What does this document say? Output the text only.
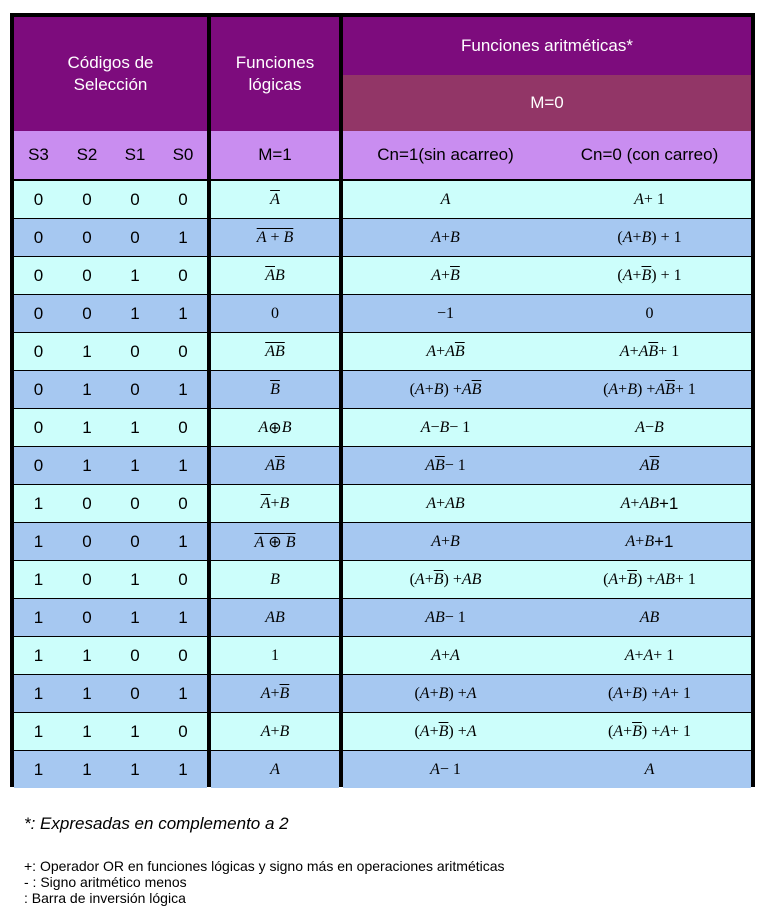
Códigos de Selección
Funciones lógicas
Funciones aritméticas*
M=0
S3	S2	S1	S0	M=1	Cn=1(sin acarreo)	Cn=0 (con carreo)
0	0	0	0	$\overline{A}$	A	A + 1
0	0	0	1	A + B	A + B	( A + B ) + 1
0	0	1	0	$\overline{A}$ B	$A + \overline{B}$	( $A + \overline{B}$ ) + 1
0	0	1	1	0	−1	0
0	1	0	0	$\overline{AB}$	A + A $\overline{B}$	A + A $\overline{B} + 1$
0	1	0	1	$\overline{B}$	( A + B ) + A $\overline{B}$	( A + B ) + A $\overline{B} + 1$
0	1	1	0	A ⊕ B	A − B − 1	A − B
0	1	1	1	A $\overline{B}$	A $\overline{B} - 1$	A $\overline{B}$
1	0	0	0	$\overline{A} + B$	A + AB	A + AB +1
1	0	0	1	A ⊕ B	A + B	A + B +1
1	0	1	0	B	( $A + \overline{B}$ ) + AB	( $A + \overline{B}$ ) + AB + 1
1	0	1	1	AB	AB − 1	AB
1	1	0	0	1	A + A	A + A + 1
1	1	0	1	$A + \overline{B}$	( A + B ) + A	( A + B ) + A + 1
1	1	1	0	A + B	( $A + \overline{B}$ ) + A	( $A + \overline{B}$ ) + A + 1
1	1	1	1	A	A − 1	A

*: Expresadas en complemento a 2

+: Operador OR en funciones lógicas y signo más en operaciones aritméticas

- : Signo aritmético menos

: Barra de inversión lógica
